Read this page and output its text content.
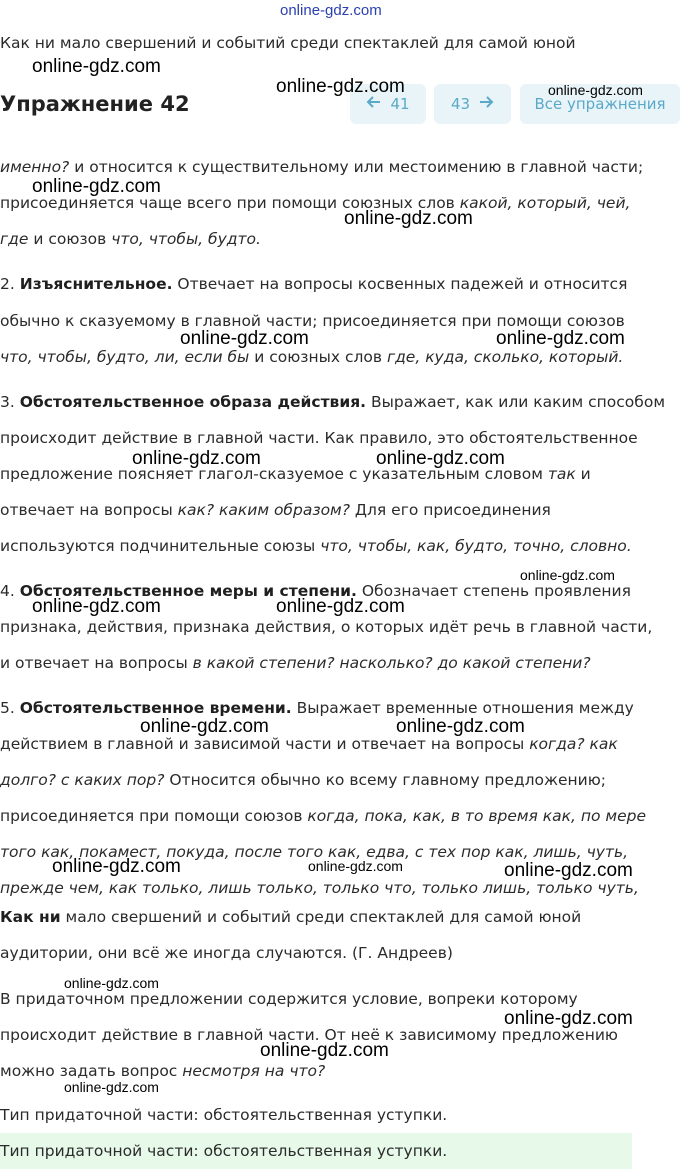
online-gdz.com
Как ни мало свершений и событий среди спектаклей для самой юной
Упражнение 42	41	43	Все упражнения
именно? и относится к существительному или местоимению в главной части;
присоединяется чаще всего при помощи союзных слов какой, который, чей,
где и союзов что, чтобы, будто.
2. Изъяснительное. Отвечает на вопросы косвенных падежей и относится
обычно к сказуемому в главной части; присоединяется при помощи союзов
что, чтобы, будто, ли, если бы и союзных слов где, куда, сколько, который.
3. Обстоятельственное образа действия. Выражает, как или каким способом
происходит действие в главной части. Как правило, это обстоятельственное
предложение поясняет глагол-сказуемое с указательным словом так и
отвечает на вопросы как? каким образом? Для его присоединения
используются подчинительные союзы что, чтобы, как, будто, точно, словно.
4. Обстоятельственное меры и степени. Обозначает степень проявления
признака, действия, признака действия, о которых идёт речь в главной части,
и отвечает на вопросы в какой степени? насколько? до какой степени?
5. Обстоятельственное времени. Выражает временные отношения между
действием в главной и зависимой части и отвечает на вопросы когда? как
долго? с каких пор? Относится обычно ко всему главному предложению;
присоединяется при помощи союзов когда, пока, как, в то время как, по мере
того как, покамест, покуда, после того как, едва, с тех пор как, лишь, чуть,
прежде чем, как только, лишь только, только что, только лишь, только чуть,
Как ни мало свершений и событий среди спектаклей для самой юной
аудитории, они всё же иногда случаются. (Г. Андреев)
В придаточном предложении содержится условие, вопреки которому
происходит действие в главной части. От неё к зависимому предложению
можно задать вопрос несмотря на что?
Тип придаточной части: обстоятельственная уступки.
Тип придаточной части: обстоятельственная уступки.
online-gdz.com
online-gdz.com	online-gdz.com
online-gdz.com
online-gdz.com
online-gdz.com	online-gdz.com
online-gdz.com	online-gdz.com
online-gdz.com
online-gdz.com	online-gdz.com
online-gdz.com	online-gdz.com
online-gdz.com	online-gdz.com	online-gdz.com
online-gdz.com
online-gdz.com
online-gdz.com
online-gdz.com
